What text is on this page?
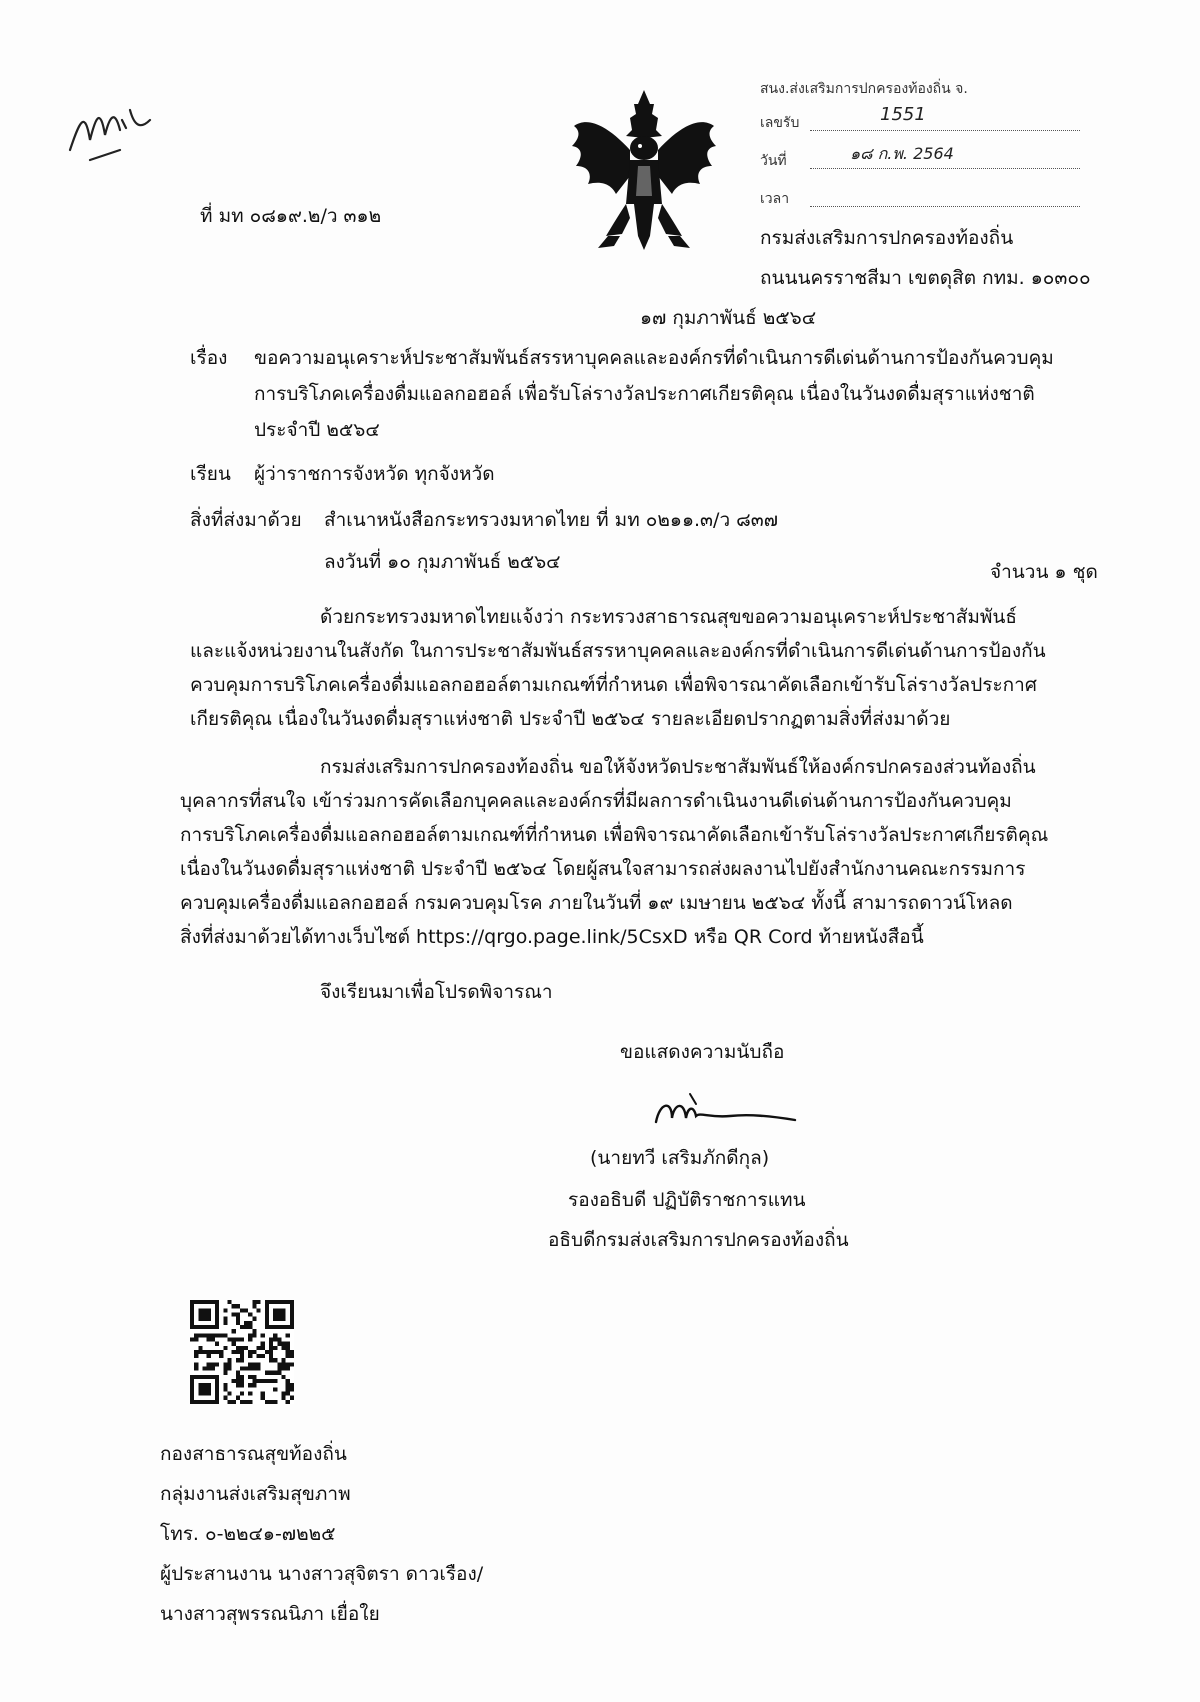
สนง.ส่งเสริมการปกครองท้องถิ่น จ.
เลขรับ	1551
วันที่	๑๘ ก.พ. 2564
เวลา
ที่ มท ๐๘๑๙.๒/ว ๓๑๒
กรมส่งเสริมการปกครองท้องถิ่น
ถนนนครราชสีมา เขตดุสิต กทม. ๑๐๓๐๐
๑๗ กุมภาพันธ์ ๒๕๖๔
เรื่อง ขอความอนุเคราะห์ประชาสัมพันธ์สรรหาบุคคลและองค์กรที่ดำเนินการดีเด่นด้านการป้องกันควบคุม
การบริโภคเครื่องดื่มแอลกอฮอล์ เพื่อรับโล่รางวัลประกาศเกียรติคุณ เนื่องในวันงดดื่มสุราแห่งชาติ
ประจำปี ๒๕๖๔
เรียน ผู้ว่าราชการจังหวัด ทุกจังหวัด
สิ่งที่ส่งมาด้วย สำเนาหนังสือกระทรวงมหาดไทย ที่ มท ๐๒๑๑.๓/ว ๘๓๗
ลงวันที่ ๑๐ กุมภาพันธ์ ๒๕๖๔	จำนวน ๑ ชุด
ด้วยกระทรวงมหาดไทยแจ้งว่า กระทรวงสาธารณสุขขอความอนุเคราะห์ประชาสัมพันธ์
และแจ้งหน่วยงานในสังกัด ในการประชาสัมพันธ์สรรหาบุคคลและองค์กรที่ดำเนินการดีเด่นด้านการป้องกัน
ควบคุมการบริโภคเครื่องดื่มแอลกอฮอล์ตามเกณฑ์ที่กำหนด เพื่อพิจารณาคัดเลือกเข้ารับโล่รางวัลประกาศ
เกียรติคุณ เนื่องในวันงดดื่มสุราแห่งชาติ ประจำปี ๒๕๖๔ รายละเอียดปรากฏตามสิ่งที่ส่งมาด้วย
กรมส่งเสริมการปกครองท้องถิ่น ขอให้จังหวัดประชาสัมพันธ์ให้องค์กรปกครองส่วนท้องถิ่น
บุคลากรที่สนใจ เข้าร่วมการคัดเลือกบุคคลและองค์กรที่มีผลการดำเนินงานดีเด่นด้านการป้องกันควบคุม
การบริโภคเครื่องดื่มแอลกอฮอล์ตามเกณฑ์ที่กำหนด เพื่อพิจารณาคัดเลือกเข้ารับโล่รางวัลประกาศเกียรติคุณ
เนื่องในวันงดดื่มสุราแห่งชาติ ประจำปี ๒๕๖๔ โดยผู้สนใจสามารถส่งผลงานไปยังสำนักงานคณะกรรมการ
ควบคุมเครื่องดื่มแอลกอฮอล์ กรมควบคุมโรค ภายในวันที่ ๑๙ เมษายน ๒๕๖๔ ทั้งนี้ สามารถดาวน์โหลด
สิ่งที่ส่งมาด้วยได้ทางเว็บไซต์ https://qrgo.page.link/5CsxD หรือ QR Cord ท้ายหนังสือนี้
จึงเรียนมาเพื่อโปรดพิจารณา
ขอแสดงความนับถือ
(นายทวี เสริมภักดีกุล)
รองอธิบดี ปฏิบัติราชการแทน
อธิบดีกรมส่งเสริมการปกครองท้องถิ่น
กองสาธารณสุขท้องถิ่น
กลุ่มงานส่งเสริมสุขภาพ
โทร. ๐-๒๒๔๑-๗๒๒๕
ผู้ประสานงาน นางสาวสุจิตรา ดาวเรือง/
นางสาวสุพรรณนิภา เยื่อใย
